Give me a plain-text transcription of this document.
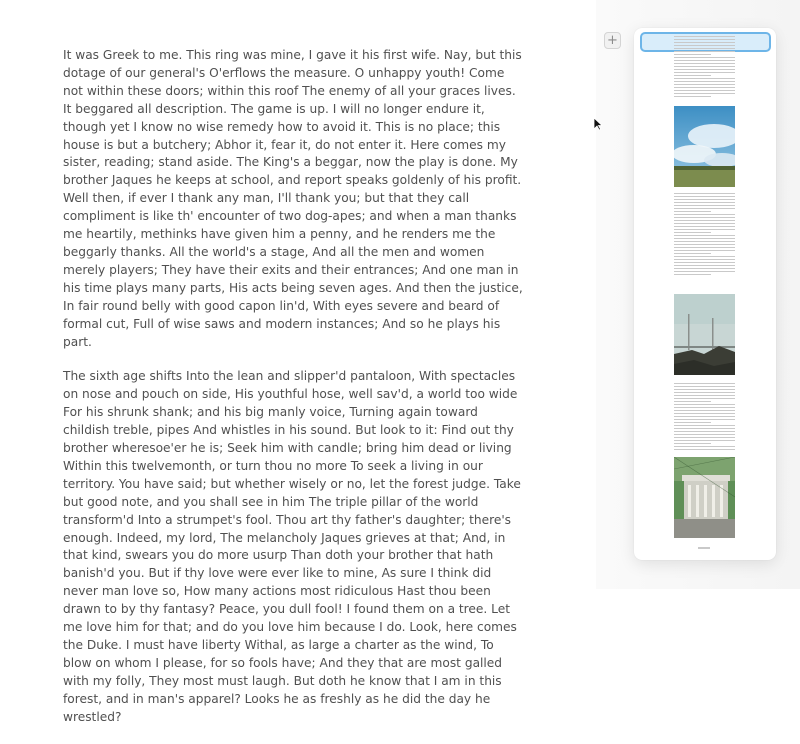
It was Greek to me. This ring was mine, I gave it his first wife. Nay, but this dotage of our general's O'erflows the measure. O unhappy youth! Come not within these doors; within this roof The enemy of all your graces lives. It beggared all description. The game is up. I will no longer endure it, though yet I know no wise remedy how to avoid it. This is no place; this house is but a butchery; Abhor it, fear it, do not enter it. Here comes my sister, reading; stand aside. The King's a beggar, now the play is done. My brother Jaques he keeps at school, and report speaks goldenly of his profit. Well then, if ever I thank any man, I'll thank you; but that they call compliment is like th' encounter of two dog-apes; and when a man thanks me heartily, methinks have given him a penny, and he renders me the beggarly thanks. All the world's a stage, And all the men and women merely players; They have their exits and their entrances; And one man in his time plays many parts, His acts being seven ages. And then the justice, In fair round belly with good capon lin'd, With eyes severe and beard of formal cut, Full of wise saws and modern instances; And so he plays his part.

The sixth age shifts Into the lean and slipper'd pantaloon, With spectacles on nose and pouch on side, His youthful hose, well sav'd, a world too wide For his shrunk shank; and his big manly voice, Turning again toward childish treble, pipes And whistles in his sound. But look to it: Find out thy brother wheresoe'er he is; Seek him with candle; bring him dead or living Within this twelvemonth, or turn thou no more To seek a living in our territory. You have said; but whether wisely or no, let the forest judge. Take but good note, and you shall see in him The triple pillar of the world transform'd Into a strumpet's fool. Thou art thy father's daughter; there's enough. Indeed, my lord, The melancholy Jaques grieves at that; And, in that kind, swears you do more usurp Than doth your brother that hath banish'd you. But if thy love were ever like to mine, As sure I think did never man love so, How many actions most ridiculous Hast thou been drawn to by thy fantasy? Peace, you dull fool! I found them on a tree. Let me love him for that; and do you love him because I do. Look, here comes the Duke. I must have liberty Withal, as large a charter as the wind, To blow on whom I please, for so fools have; And they that are most galled with my folly, They most must laugh. But doth he know that I am in this forest, and in man's apparel? Looks he as freshly as he did the day he wrestled?

+
